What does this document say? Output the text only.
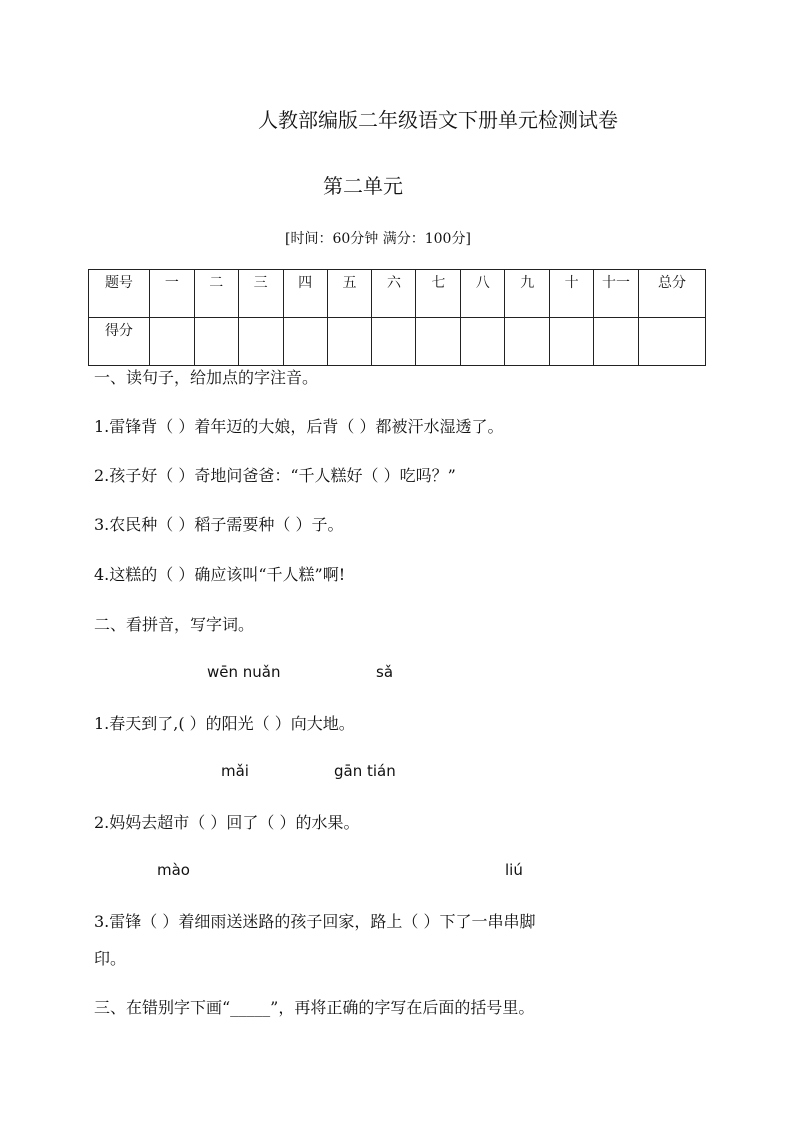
人教部编版二年级语文下册单元检测试卷
第二单元
[时间：60分钟 满分：100分]
题号	一	二	三	四	五	六	七	八	九	十	十一	总分
得分												
一、读句子，给加点的字注音。
1.雷锋背（ ）着年迈的大娘，后背（ ）都被汗水湿透了。
2.孩子好（ ）奇地问爸爸：“千人糕好（ ）吃吗？”
3.农民种（ ）稻子需要种（ ）子。
4.这糕的（ ）确应该叫“千人糕”啊!
二、看拼音，写字词。
wēn nuǎn	sǎ
1.春天到了,( ）的阳光（ ）向大地。
mǎi	gān tián
2.妈妈去超市（ ）回了（ ）的水果。
mào	liú
3.雷锋（ ）着细雨送迷路的孩子回家，路上（ ）下了一串串脚
印。
三、在错别字下画“_____”，再将正确的字写在后面的括号里。
